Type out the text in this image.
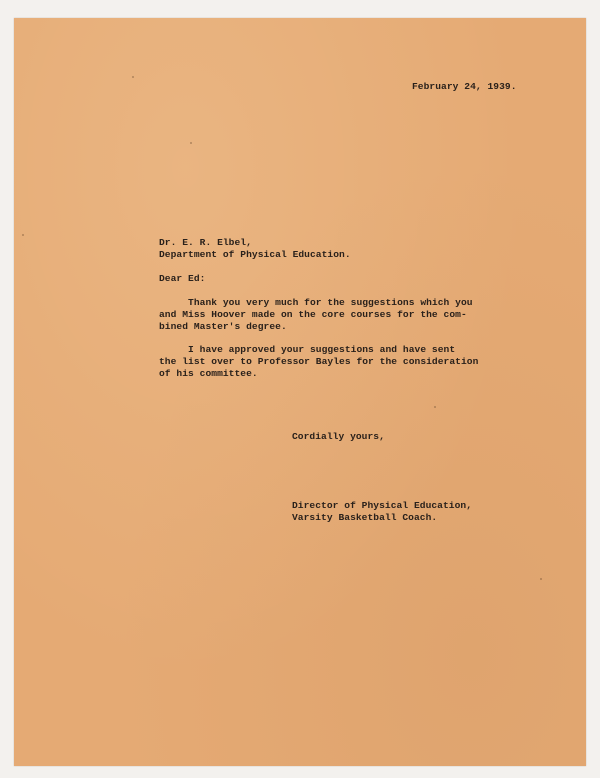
February 24, 1939.
Dr. E. R. Elbel,
Department of Physical Education.
Dear Ed:
Thank you very much for the suggestions which you
and Miss Hoover made on the core courses for the com-
bined Master's degree.
I have approved your suggestions and have sent
the list over to Professor Bayles for the consideration
of his committee.
Cordially yours,
Director of Physical Education,
Varsity Basketball Coach.
